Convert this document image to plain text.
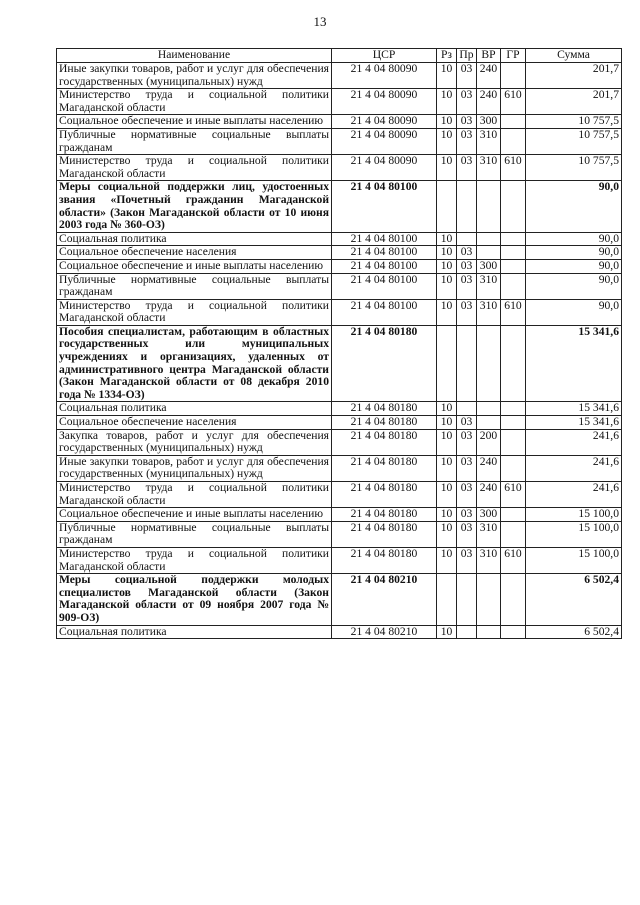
13
Наименование	ЦСР	Рз	Пр	ВР	ГР	Сумма
Иные закупки товаров, работ и услуг для обеспечения государственных (муниципальных) нужд	21 4 04 80090	10	03	240		201,7
Министерство труда и социальной политики Магаданской области	21 4 04 80090	10	03	240	610	201,7
Социальное обеспечение и иные выплаты населению	21 4 04 80090	10	03	300		10 757,5
Публичные нормативные социальные выплаты гражданам	21 4 04 80090	10	03	310		10 757,5
Министерство труда и социальной политики Магаданской области	21 4 04 80090	10	03	310	610	10 757,5
Меры социальной поддержки лиц, удостоенных звания «Почетный гражданин Магаданской области» (Закон Магаданской области от 10 июня 2003 года № 360-ОЗ)	21 4 04 80100					90,0
Социальная политика	21 4 04 80100	10				90,0
Социальное обеспечение населения	21 4 04 80100	10	03			90,0
Социальное обеспечение и иные выплаты населению	21 4 04 80100	10	03	300		90,0
Публичные нормативные социальные выплаты гражданам	21 4 04 80100	10	03	310		90,0
Министерство труда и социальной политики Магаданской области	21 4 04 80100	10	03	310	610	90,0
Пособия специалистам, работающим в областных государственных или муниципальных учреждениях и организациях, удаленных от административного центра Магаданской области (Закон Магаданской области от 08 декабря 2010 года № 1334-ОЗ)	21 4 04 80180					15 341,6
Социальная политика	21 4 04 80180	10				15 341,6
Социальное обеспечение населения	21 4 04 80180	10	03			15 341,6
Закупка товаров, работ и услуг для обеспечения государственных (муниципальных) нужд	21 4 04 80180	10	03	200		241,6
Иные закупки товаров, работ и услуг для обеспечения государственных (муниципальных) нужд	21 4 04 80180	10	03	240		241,6
Министерство труда и социальной политики Магаданской области	21 4 04 80180	10	03	240	610	241,6
Социальное обеспечение и иные выплаты населению	21 4 04 80180	10	03	300		15 100,0
Публичные нормативные социальные выплаты гражданам	21 4 04 80180	10	03	310		15 100,0
Министерство труда и социальной политики Магаданской области	21 4 04 80180	10	03	310	610	15 100,0
Меры социальной поддержки молодых специалистов Магаданской области (Закон Магаданской области от 09 ноября 2007 года № 909-ОЗ)	21 4 04 80210					6 502,4
Социальная политика	21 4 04 80210	10				6 502,4
